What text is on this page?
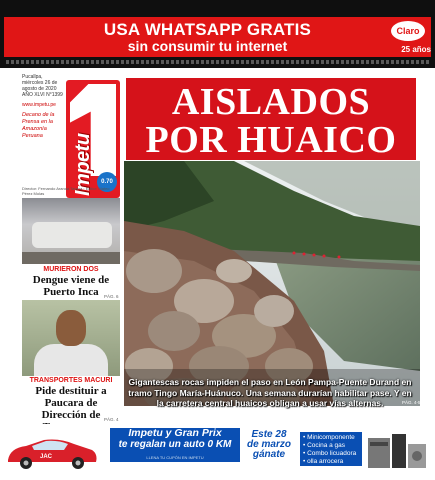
USA WHATSAPP GRATIS
sin consumir tu internet
Claro
25 años
Pucallpa, miércoles 26 de agosto de 2020 AÑO XLVI N°1399
www.impetu.pe
Decano de la Prensa en la Amazonía Peruana	Impetu	0.70
Director: Fernando Aranda Tavera · Editor: Mateo Pérez Molas
MURIERON DOS
Dengue viene de Puerto Inca	PÁG. 6
TRANSPORTES MACURI
Pide destituir a Paucara de Dirección de PÁG. 4
AISLADOS
POR HUAICO
Gigantescas rocas impiden el paso en León Pampa-Puente Durand en tramo Tingo María-Huánuco. Una semana durarían habilitar pase. Y en la carretera central huaicos obligan a usar vías alternas.	PÁG. 4-5
JAC
Impetu y Gran Prix
te regalan un auto 0 KM
LLENA TU CUPÓN EN IMPETU
Este 28
de marzo
gánate
• Minicomponente
• Cocina a gas
• Combo licuadora
• olla arrocera
